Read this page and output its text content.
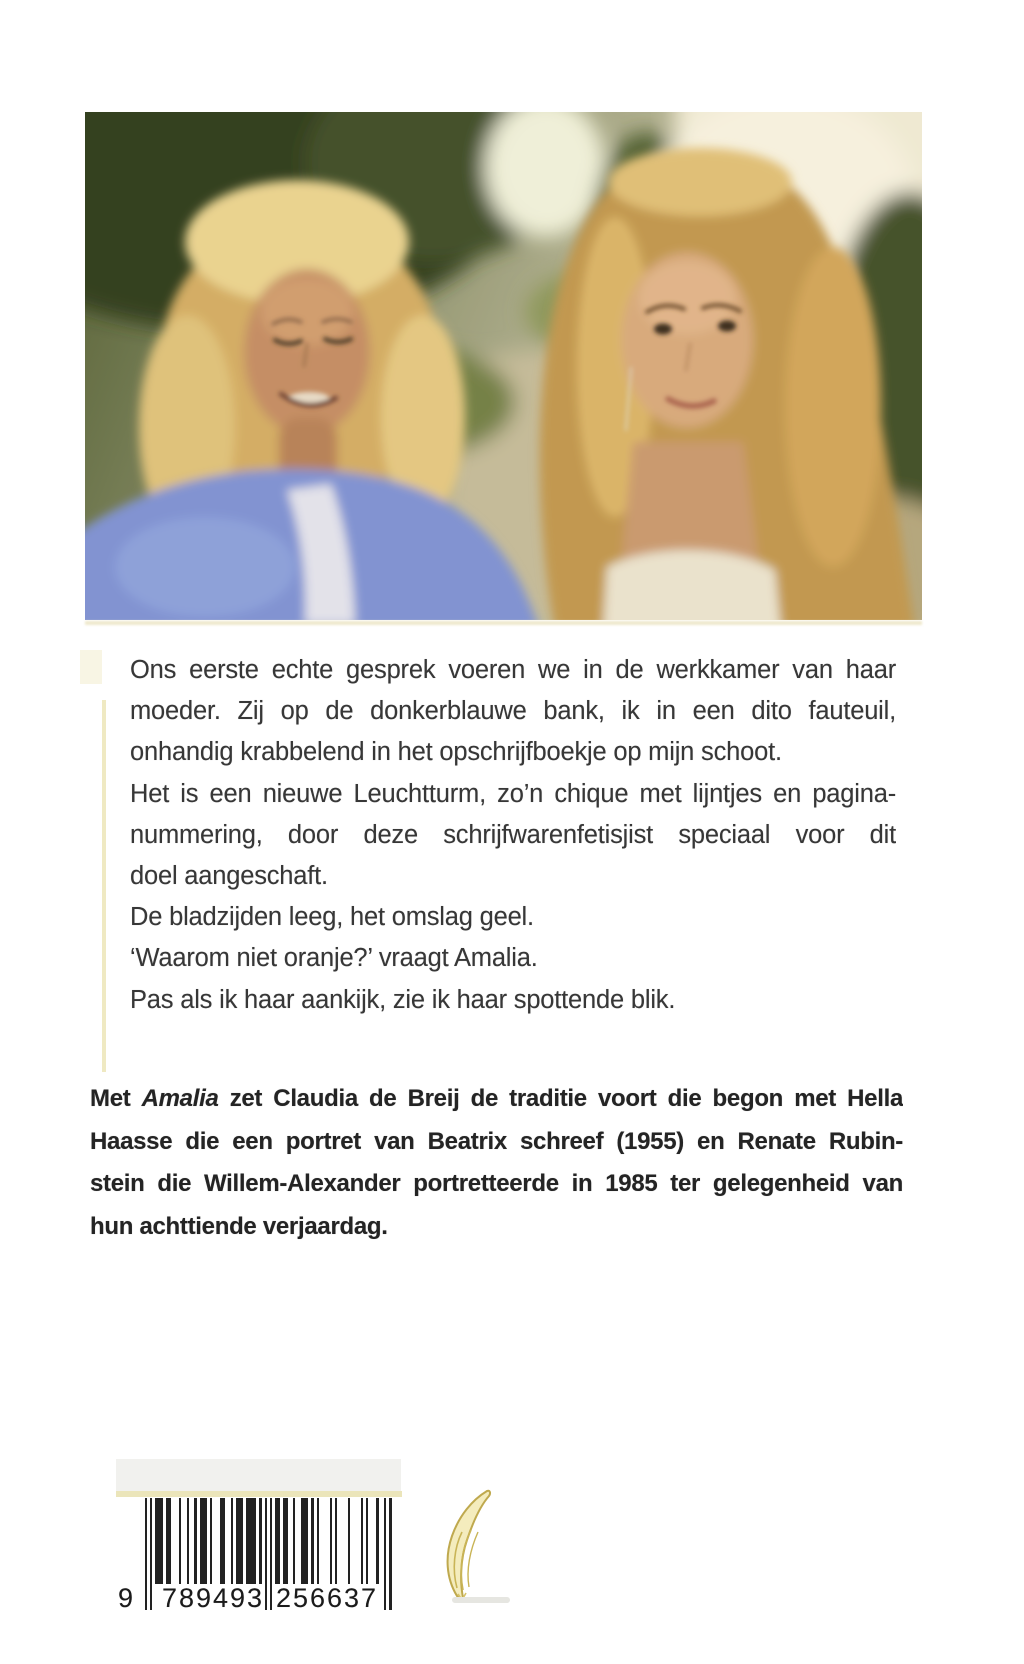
Ons eerste echte gesprek voeren we in de werkkamer van haar
moeder. Zij op de donkerblauwe bank, ik in een dito fauteuil,
onhandig krabbelend in het opschrijfboekje op mijn schoot.
Het is een nieuwe Leuchtturm, zo’n chique met lijntjes en pagina-
nummering, door deze schrijfwarenfetisjist speciaal voor dit
doel aangeschaft.
De bladzijden leeg, het omslag geel.
‘Waarom niet oranje?’ vraagt Amalia.
Pas als ik haar aankijk, zie ik haar spottende blik.
Met Amalia zet Claudia de Breij de traditie voort die begon met Hella
Haasse die een portret van Beatrix schreef (1955) en Renate Rubin-
stein die Willem-Alexander portretteerde in 1985 ter gelegenheid van
hun achttiende verjaardag.
9 789493 256637
